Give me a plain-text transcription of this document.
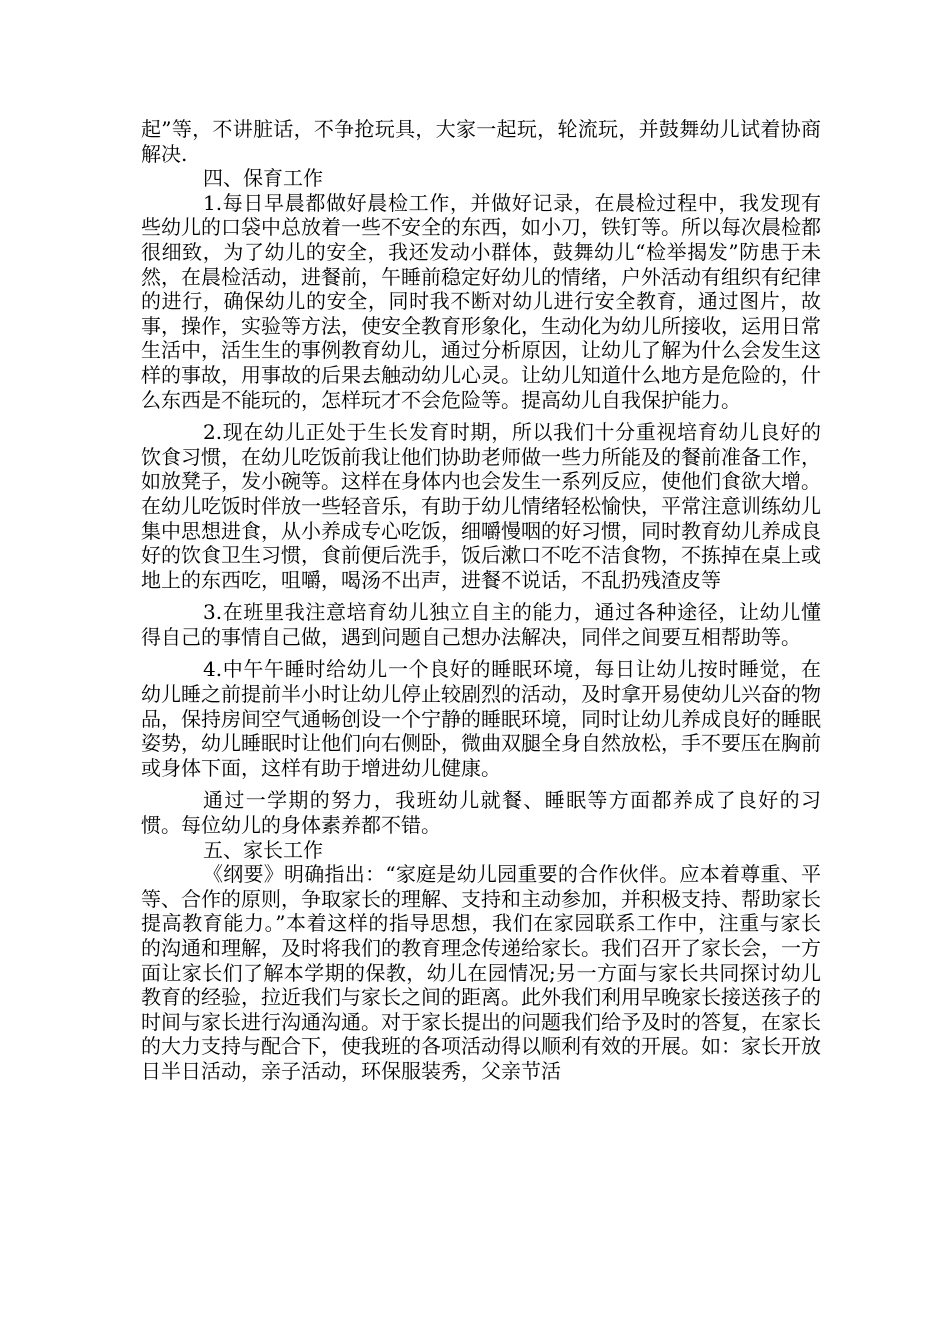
起”等，不讲脏话，不争抢玩具，大家一起玩，轮流玩，并鼓舞幼儿试着协商解决.

四、保育工作

1.每日早晨都做好晨检工作，并做好记录，在晨检过程中，我发现有些幼儿的口袋中总放着一些不安全的东西，如小刀，铁钉等。所以每次晨检都很细致，为了幼儿的安全，我还发动小群体，鼓舞幼儿“检举揭发”防患于未然，在晨检活动，进餐前，午睡前稳定好幼儿的情绪，户外活动有组织有纪律的进行，确保幼儿的安全，同时我不断对幼儿进行安全教育，通过图片，故事，操作，实验等方法，使安全教育形象化，生动化为幼儿所接收，运用日常生活中，活生生的事例教育幼儿，通过分析原因，让幼儿了解为什么会发生这样的事故，用事故的后果去触动幼儿心灵。让幼儿知道什么地方是危险的，什么东西是不能玩的，怎样玩才不会危险等。提高幼儿自我保护能力。

2.现在幼儿正处于生长发育时期，所以我们十分重视培育幼儿良好的饮食习惯，在幼儿吃饭前我让他们协助老师做一些力所能及的餐前准备工作，如放凳子，发小碗等。这样在身体内也会发生一系列反应，使他们食欲大增。在幼儿吃饭时伴放一些轻音乐，有助于幼儿情绪轻松愉快，平常注意训练幼儿集中思想进食，从小养成专心吃饭，细嚼慢咽的好习惯，同时教育幼儿养成良好的饮食卫生习惯，食前便后洗手，饭后漱口不吃不洁食物，不拣掉在桌上或地上的东西吃，咀嚼，喝汤不出声，进餐不说话，不乱扔残渣皮等

3.在班里我注意培育幼儿独立自主的能力，通过各种途径，让幼儿懂得自己的事情自己做，遇到问题自己想办法解决，同伴之间要互相帮助等。

4.中午午睡时给幼儿一个良好的睡眠环境，每日让幼儿按时睡觉，在幼儿睡之前提前半小时让幼儿停止较剧烈的活动，及时拿开易使幼儿兴奋的物品，保持房间空气通畅创设一个宁静的睡眠环境，同时让幼儿养成良好的睡眠姿势，幼儿睡眠时让他们向右侧卧，微曲双腿全身自然放松，手不要压在胸前或身体下面，这样有助于增进幼儿健康。

通过一学期的努力，我班幼儿就餐、睡眠等方面都养成了良好的习惯。每位幼儿的身体素养都不错。

五、家长工作

《纲要》明确指出：“家庭是幼儿园重要的合作伙伴。应本着尊重、平等、合作的原则，争取家长的理解、支持和主动参加，并积极支持、帮助家长提高教育能力。”本着这样的指导思想，我们在家园联系工作中，注重与家长的沟通和理解，及时将我们的教育理念传递给家长。我们召开了家长会，一方面让家长们了解本学期的保教，幼儿在园情况;另一方面与家长共同探讨幼儿教育的经验，拉近我们与家长之间的距离。此外我们利用早晚家长接送孩子的时间与家长进行沟通沟通。对于家长提出的问题我们给予及时的答复，在家长的大力支持与配合下，使我班的各项活动得以顺利有效的开展。如：家长开放日半日活动，亲子活动，环保服装秀，父亲节活
